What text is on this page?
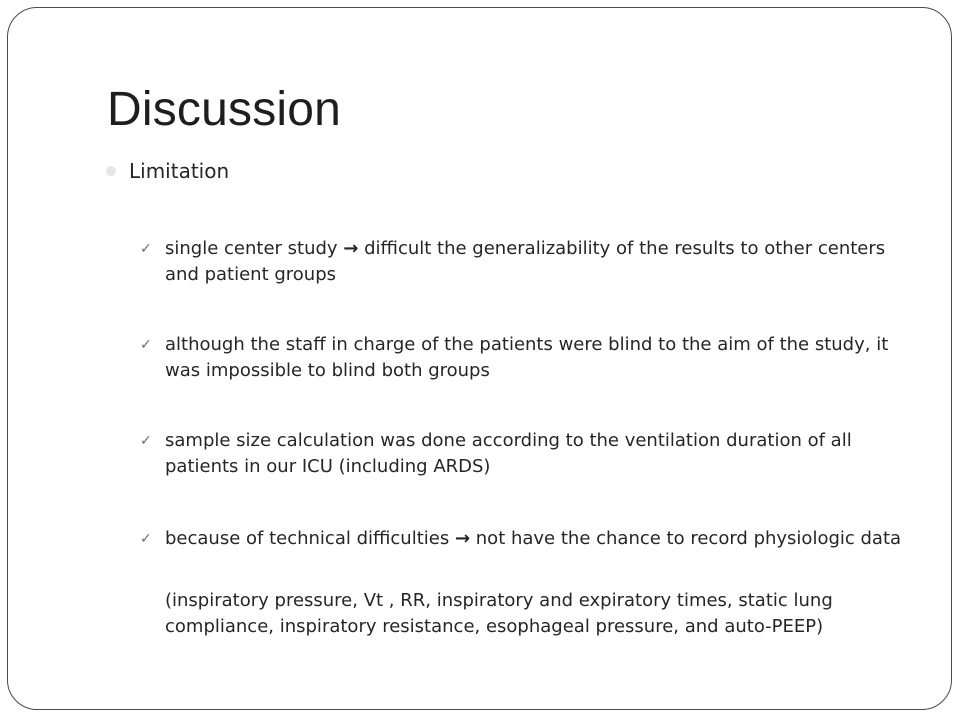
Discussion
Limitation
✓ single center study → difficult the generalizability of the results to other centers and patient groups
✓ although the staff in charge of the patients were blind to the aim of the study, it was impossible to blind both groups
✓ sample size calculation was done according to the ventilation duration of all patients in our ICU (including ARDS)
✓ because of technical difficulties → not have the chance to record physiologic data
(inspiratory pressure, Vt , RR, inspiratory and expiratory times, static lung compliance, inspiratory resistance, esophageal pressure, and auto-PEEP)
